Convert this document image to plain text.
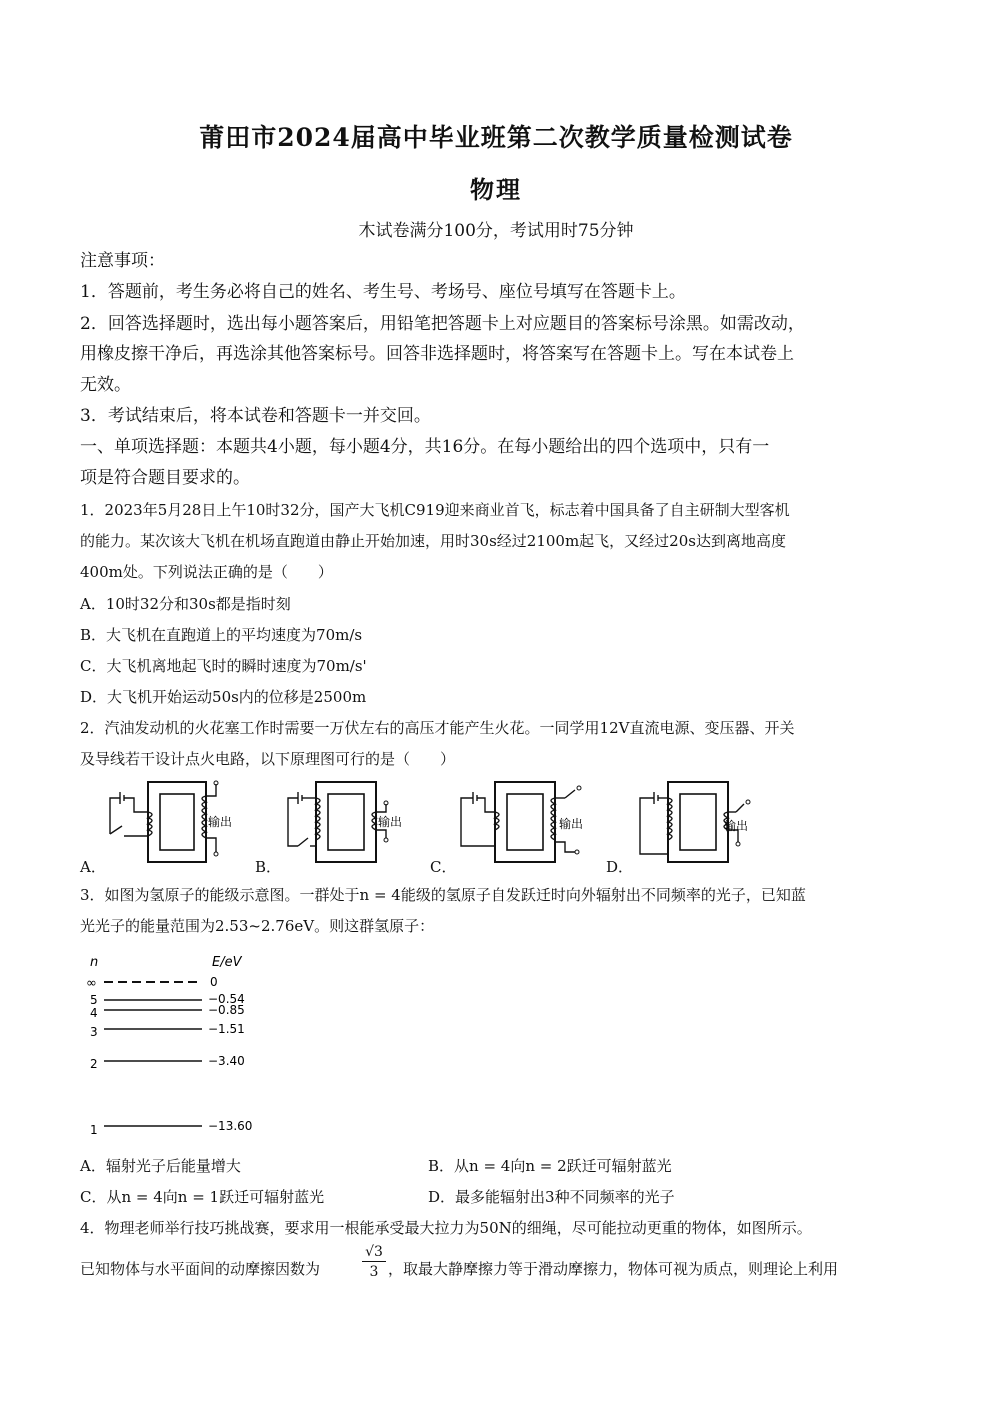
莆田市2024届高中毕业班第二次教学质量检测试卷
物理
木试卷满分100分，考试用时75分钟
注意事项：
1．答题前，考生务必将自己的姓名、考生号、考场号、座位号填写在答题卡上。
2．回答选择题时，选出每小题答案后，用铅笔把答题卡上对应题目的答案标号涂黑。如需改动，
用橡皮擦干净后，再选涂其他答案标号。回答非选择题时，将答案写在答题卡上。写在本试卷上
无效。
3．考试结束后，将本试卷和答题卡一并交回。
一、单项选择题：本题共4小题，每小题4分，共16分。在每小题给出的四个选项中，只有一
项是符合题目要求的。
1．2023年5月28日上午10时32分，国产大飞机C919迎来商业首飞，标志着中国具备了自主研制大型客机
的能力。某次该大飞机在机场直跑道由静止开始加速，用时30s经过2100m起飞，又经过20s达到离地高度
400m处。下列说法正确的是（　　）
A．10时32分和30s都是指时刻
B．大飞机在直跑道上的平均速度为70m/s
C．大飞机离地起飞时的瞬时速度为70m/s'
D．大飞机开始运动50s内的位移是2500m
2．汽油发动机的火花塞工作时需要一万伏左右的高压才能产生火花。一同学用12V直流电源、变压器、开关
及导线若干设计点火电路，以下原理图可行的是（　　）
输出
A．
输出
B．
输出
C．
输出
D．
3．如图为氢原子的能级示意图。一群处于n = 4能级的氢原子自发跃迁时向外辐射出不同频率的光子，已知蓝
光光子的能量范围为2.53~2.76eV。则这群氢原子：
n	E/eV
∞	0
5	−0.54
4	−0.85
3	−1.51
2	−3.40
1	−13.60
A．辐射光子后能量增大	B．从n = 4向n = 2跃迁可辐射蓝光
C．从n = 4向n = 1跃迁可辐射蓝光	D．最多能辐射出3种不同频率的光子
4．物理老师举行技巧挑战赛，要求用一根能承受最大拉力为50N的细绳，尽可能拉动更重的物体，如图所示。
已知物体与水平面间的动摩擦因数为	$\frac{√3}{3}$ ，取最大静摩擦力等于滑动摩擦力，物体可视为质点，则理论上利用
